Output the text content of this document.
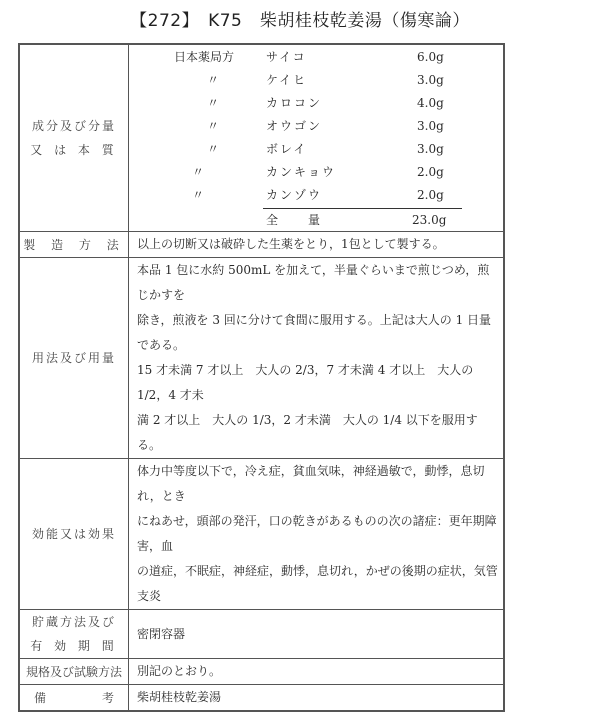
【272】　K75　柴胡桂枝乾姜湯（傷寒論）
成分及び分量
又 は 本 質

日本薬局方	サイコ	6.0g
〃	ケイヒ	3.0g
〃	カロコン	4.0g
〃	オウゴン	3.0g
〃	ボレイ	3.0g
〃	カンキョウ	2.0g
〃	カンゾウ	2.0g
全　　量	23.0g

製 造 方 法	以上の切断又は破砕した生薬をとり，1包として製する。
用法及び用量	本品 1 包に水約 500mL を加えて，半量ぐらいまで煎じつめ，煎じかすを
除き，煎液を 3 回に分けて食間に服用する。上記は大人の 1 日量である。
15 才未満 7 才以上　大人の 2/3，7 才未満 4 才以上　大人の 1/2，4 才未
満 2 才以上　大人の 1/3，2 才未満　大人の 1/4 以下を服用する。

効能又は効果	体力中等度以下で，冷え症，貧血気味，神経過敏で，動悸，息切れ，とき
にねあせ，頭部の発汗，口の乾きがあるものの次の諸症：更年期障害，血
の道症，不眠症，神経症，動悸，息切れ，かぜの後期の症状，気管支炎

貯蔵方法及び
有 効 期 間	密閉容器
規格及び試験方法	別記のとおり。

備 考	柴胡桂枝乾姜湯
